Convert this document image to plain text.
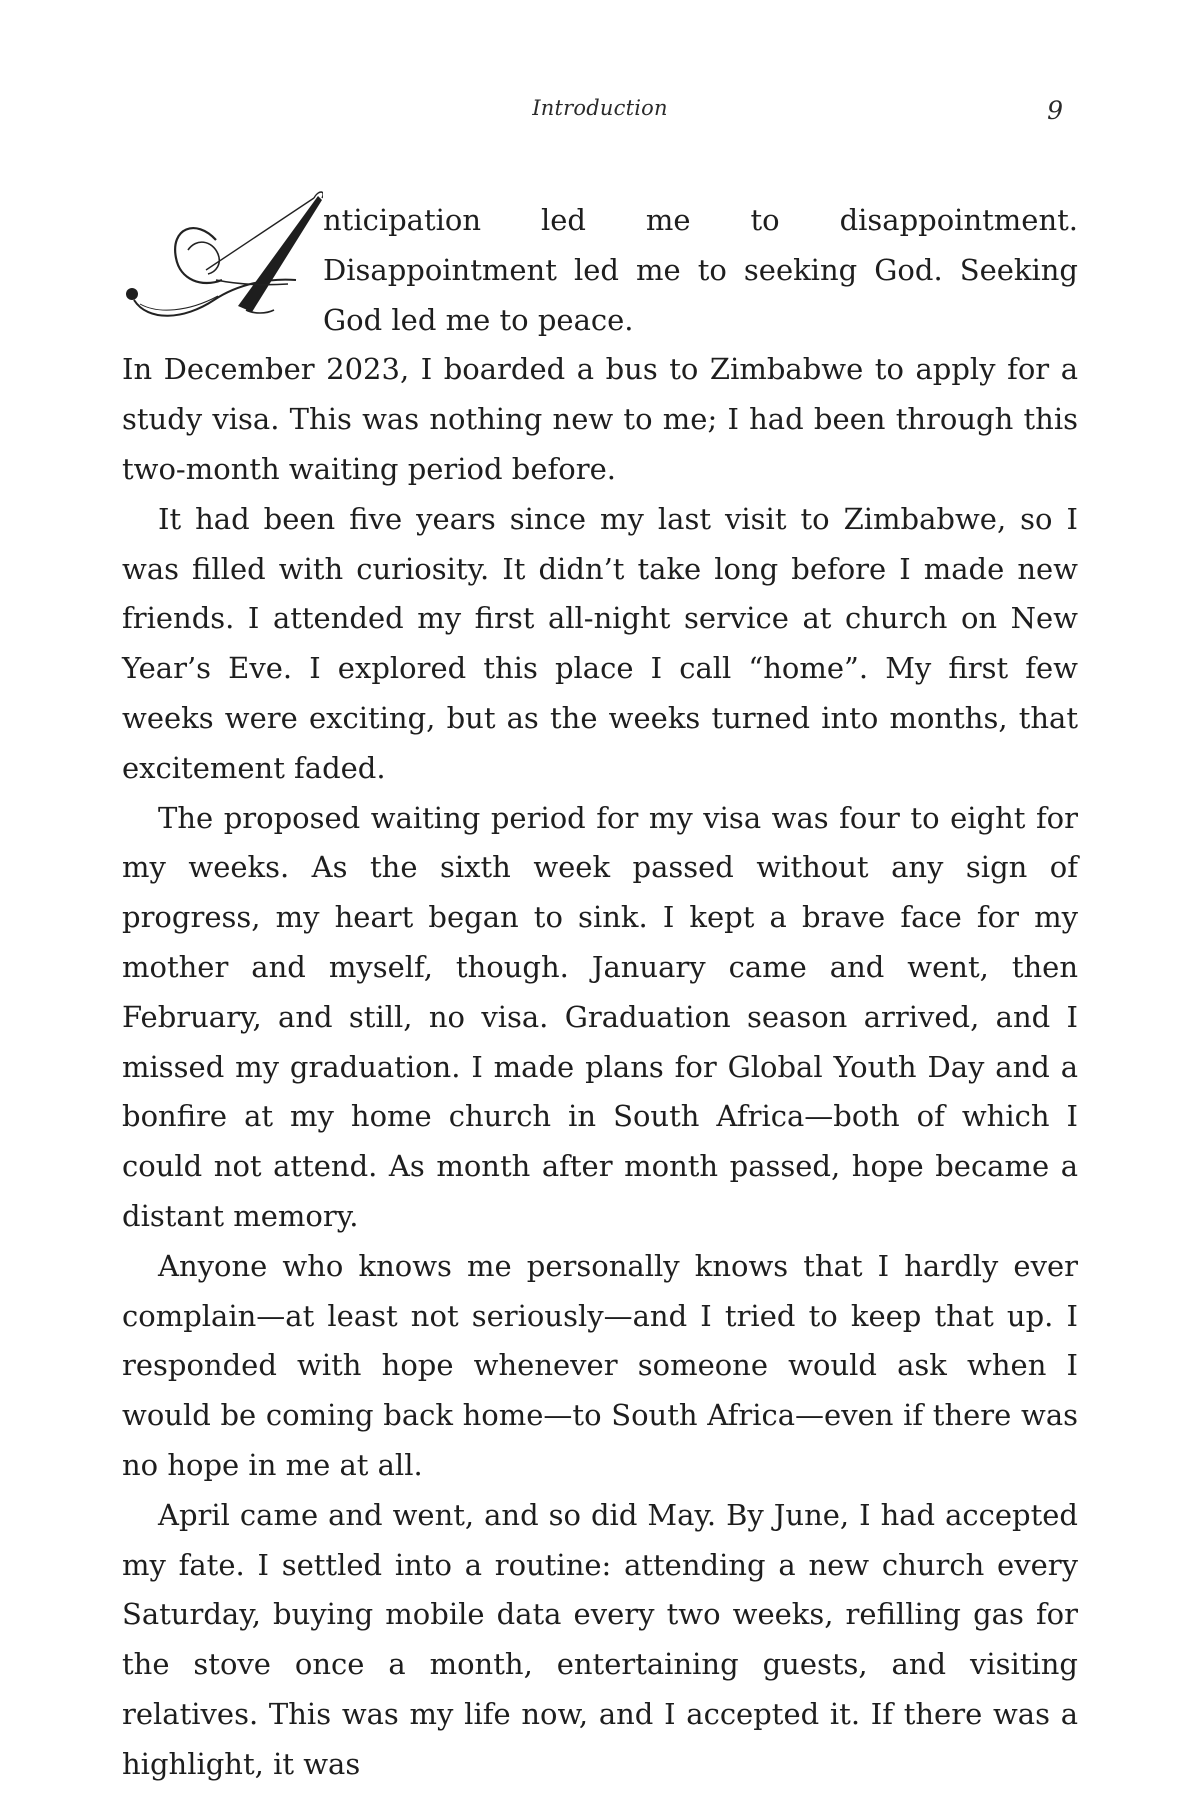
Introduction	9
nticipation led me to disappointment.
Disappointment led me to seeking God. Seeking
God led me to peace.

In December 2023, I boarded a bus to Zimbabwe to apply for a study visa. This was nothing new to me; I had been through this two-month waiting period before.

It had been five years since my last visit to Zimbabwe, so I was filled with curiosity. It didn’t take long before I made new friends. I attended my first all-night service at church on New Year’s Eve. I explored this place I call “home”. My first few weeks were exciting, but as the weeks turned into months, that excitement faded.

The proposed waiting period for my visa was four to eight for my weeks. As the sixth week passed without any sign of progress, my heart began to sink. I kept a brave face for my mother and myself, though. January came and went, then February, and still, no visa. Graduation season arrived, and I missed my graduation. I made plans for Global Youth Day and a bonfire at my home church in South Africa—both of which I could not attend. As month after month passed, hope became a distant memory.

Anyone who knows me personally knows that I hardly ever complain—at least not seriously—and I tried to keep that up. I responded with hope whenever someone would ask when I would be coming back home—to South Africa—even if there was no hope in me at all.

April came and went, and so did May. By June, I had accepted my fate. I settled into a routine: attending a new church every Saturday, buying mobile data every two weeks, refilling gas for the stove once a month, entertaining guests, and visiting relatives. This was my life now, and I accepted it. If there was a highlight, it was
